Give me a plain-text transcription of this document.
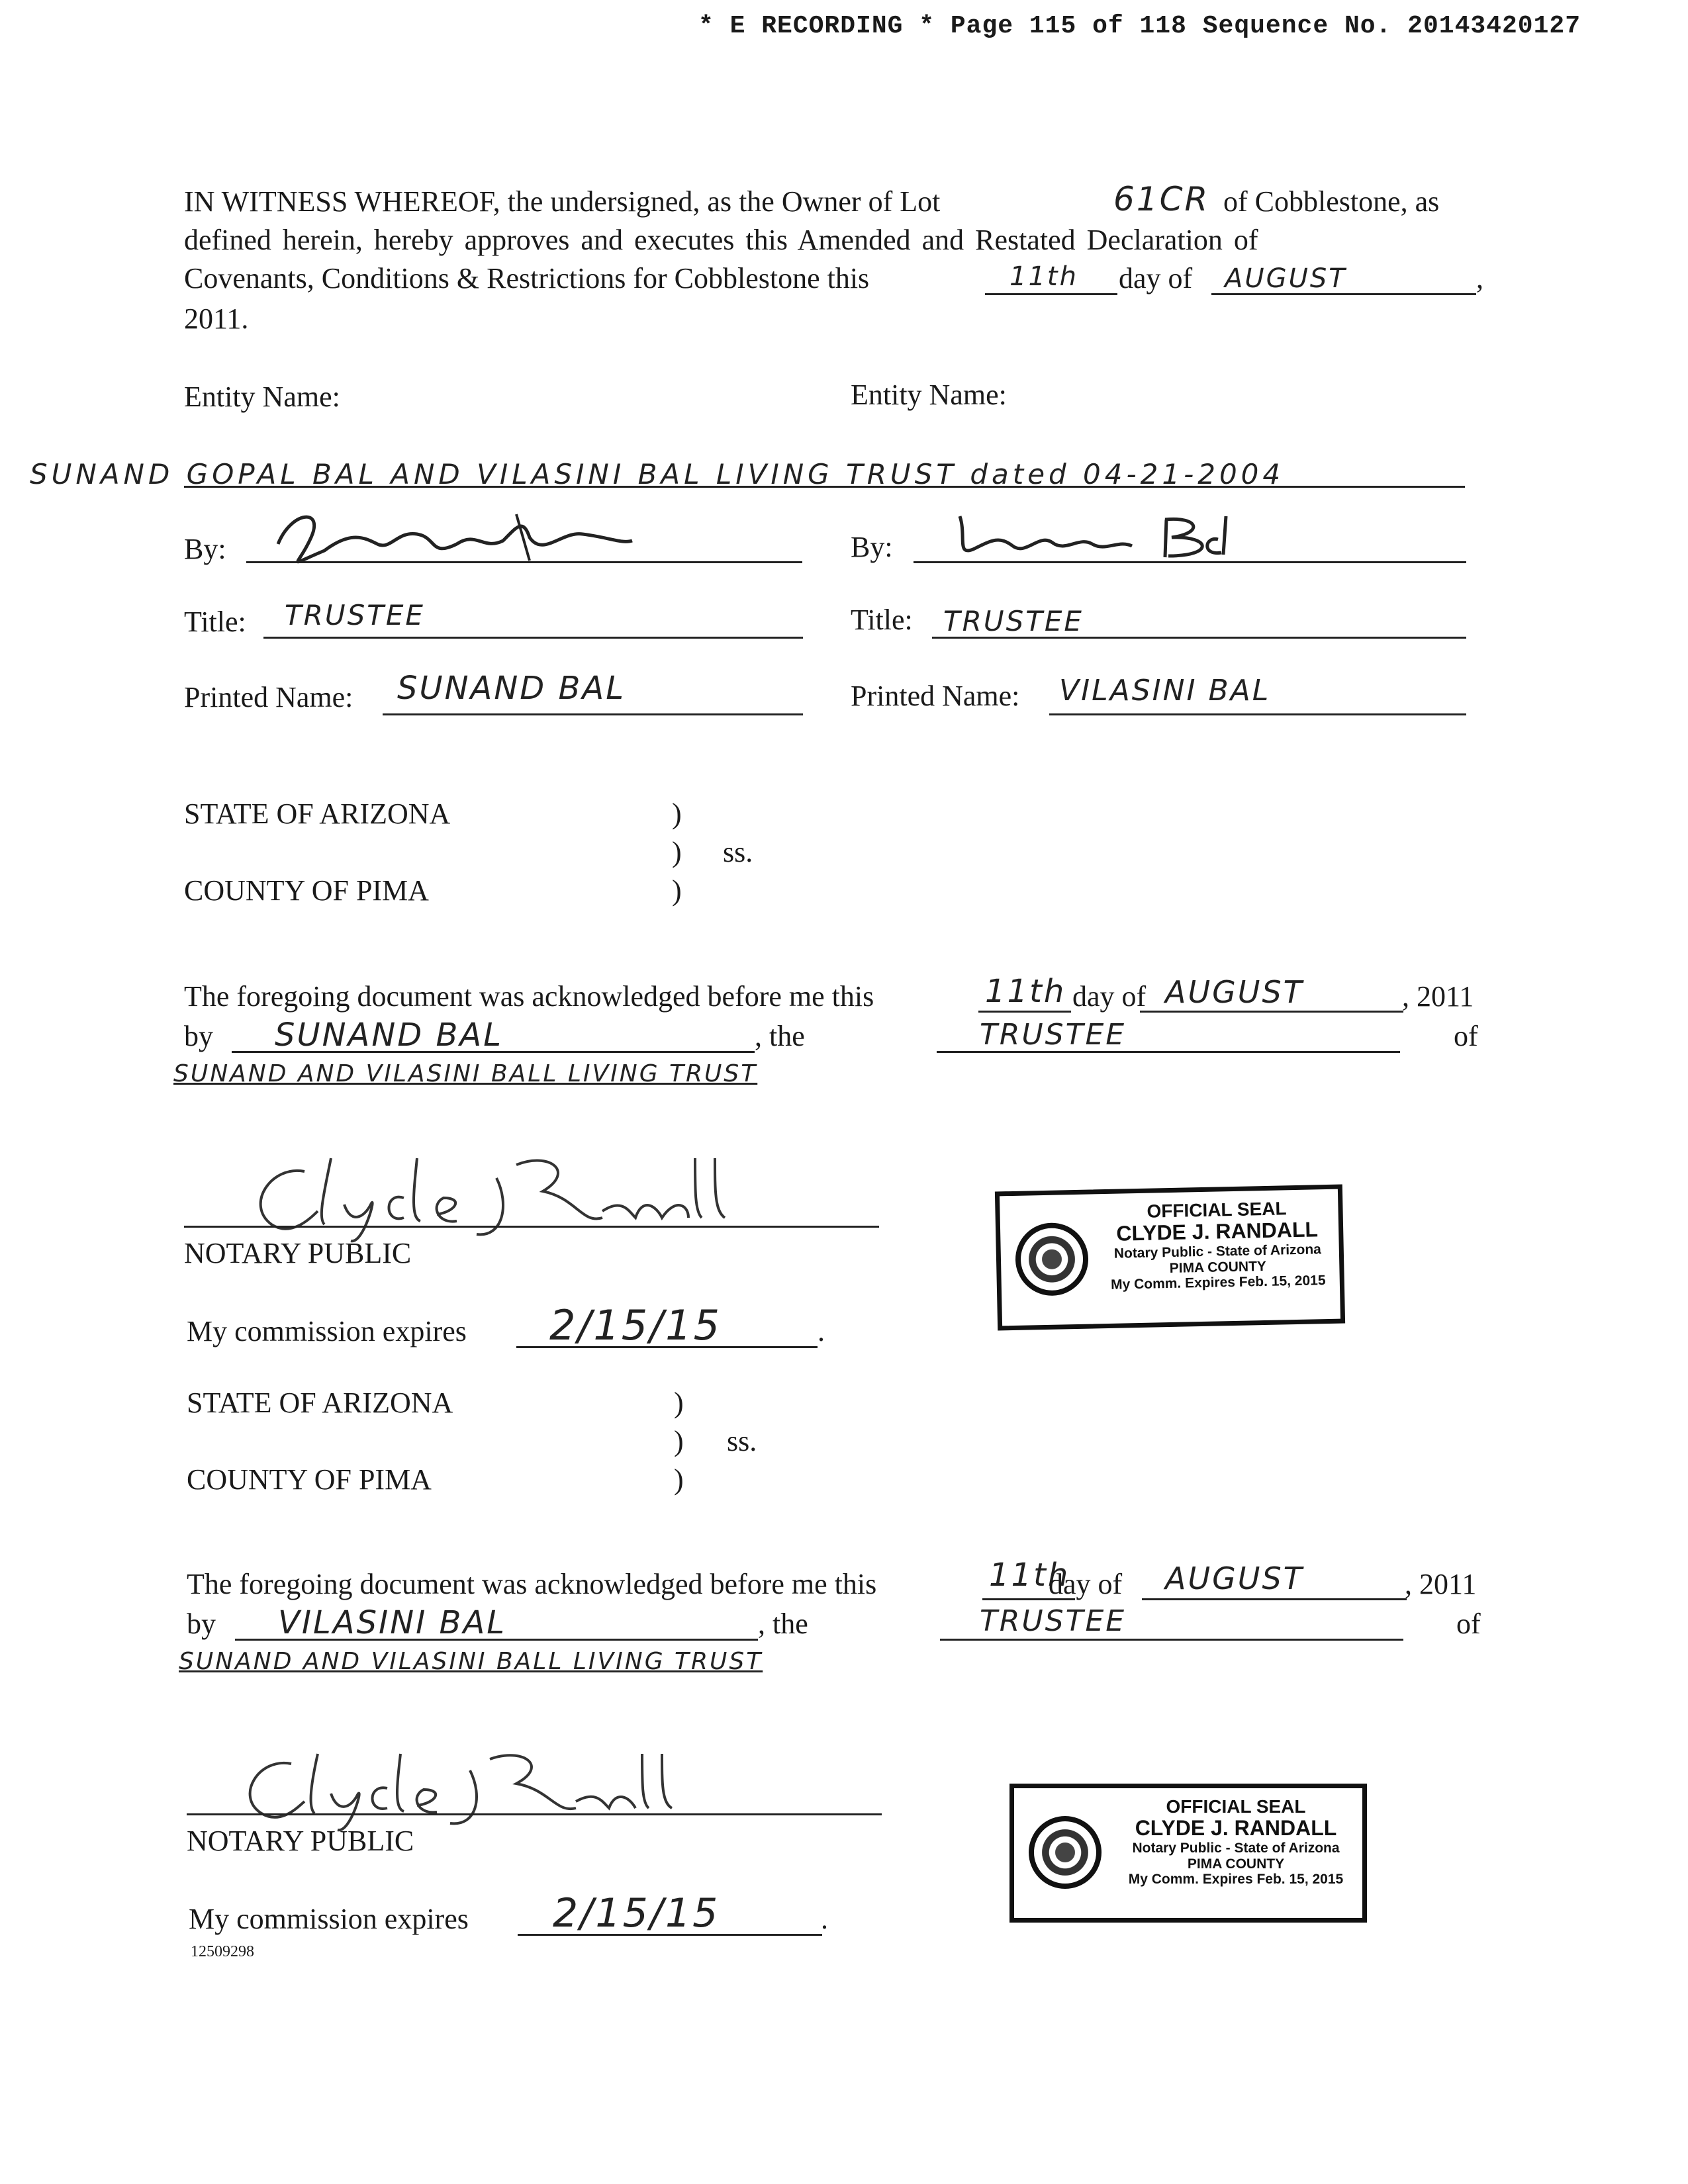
* E RECORDING * Page 115 of 118 Sequence No. 20143420127
IN WITNESS WHEREOF, the undersigned, as the Owner of Lot	61CR of Cobblestone, as
defined herein, hereby approves and executes this Amended and Restated Declaration of
Covenants, Conditions & Restrictions for Cobblestone this	11th day of AUGUST	,
2011.
Entity Name:	Entity Name:
SUNAND GOPAL BAL AND VILASINI BAL LIVING TRUST dated 04-21-2004
By:	By:
Title: TRUSTEE	Title: TRUSTEE
Printed Name: SUNAND BAL	Printed Name: VILASINI BAL
STATE OF ARIZONA	)
) ss.
COUNTY OF PIMA	)
The foregoing document was acknowledged before me this	11th day of AUGUST	, 2011
by SUNAND BAL	, the	TRUSTEE	of
SUNAND AND VILASINI BALL LIVING TRUST
NOTARY PUBLIC
My commission expires 2/15/15	.
OFFICIAL SEAL
CLYDE J. RANDALL
Notary Public - State of Arizona
PIMA COUNTY
My Comm. Expires Feb. 15, 2015
STATE OF ARIZONA	)
) ss.
COUNTY OF PIMA	)
The foregoing document was acknowledged before me this	11th
day of AUGUST	, 2011
by VILASINI BAL	, the	TRUSTEE	of
SUNAND AND VILASINI BALL LIVING TRUST
NOTARY PUBLIC
My commission expires 2/15/15	.
OFFICIAL SEAL
CLYDE J. RANDALL
Notary Public - State of Arizona
PIMA COUNTY
My Comm. Expires Feb. 15, 2015
12509298
